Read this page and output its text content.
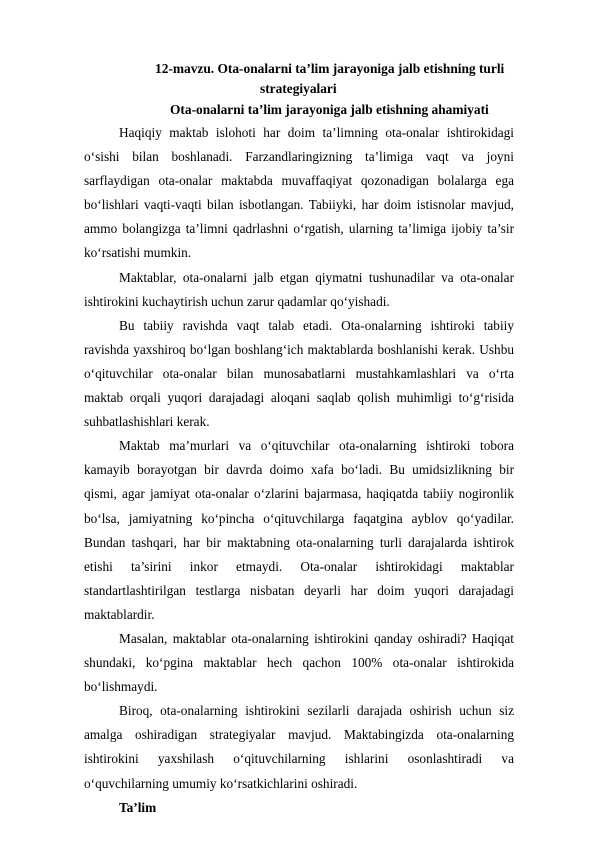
12-mavzu. Ota-onalarni ta’lim jarayoniga jalb etishning turli
strategiyalari
Ota-onalarni ta’lim jarayoniga jalb etishning ahamiyati

Haqiqiy maktab islohoti har doim ta’limning ota-onalar ishtirokidagi o‘sishi bilan boshlanadi. Farzandlaringizning ta’limiga vaqt va joyni sarflaydigan ota-onalar maktabda muvaffaqiyat qozonadigan bolalarga ega bo‘lishlari vaqti-vaqti bilan isbotlangan. Tabiiyki, har doim istisnolar mavjud, ammo bolangizga ta’limni qadrlashni o‘rgatish, ularning ta’limiga ijobiy ta’sir ko‘rsatishi mumkin.

Maktablar, ota-onalarni jalb etgan qiymatni tushunadilar va ota-onalar ishtirokini kuchaytirish uchun zarur qadamlar qo‘yishadi.

Bu tabiiy ravishda vaqt talab etadi. Ota-onalarning ishtiroki tabiiy ravishda yaxshiroq bo‘lgan boshlang‘ich maktablarda boshlanishi kerak. Ushbu o‘qituvchilar ota-onalar bilan munosabatlarni mustahkamlashlari va o‘rta maktab orqali yuqori darajadagi aloqani saqlab qolish muhimligi to‘g‘risida suhbatlashishlari kerak.

Maktab ma’murlari va o‘qituvchilar ota-onalarning ishtiroki tobora kamayib borayotgan bir davrda doimo xafa bo‘ladi. Bu umidsizlikning bir qismi, agar jamiyat ota-onalar o‘zlarini bajarmasa, haqiqatda tabiiy nogironlik bo‘lsa, jamiyatning ko‘pincha o‘qituvchilarga faqatgina ayblov qo‘yadilar. Bundan tashqari, har bir maktabning ota-onalarning turli darajalarda ishtirok etishi ta’sirini inkor etmaydi. Ota-onalar ishtirokidagi maktablar standartlashtirilgan testlarga nisbatan deyarli har doim yuqori darajadagi maktablardir.

Masalan, maktablar ota-onalarning ishtirokini qanday oshiradi? Haqiqat shundaki, ko‘pgina maktablar hech qachon 100% ota-onalar ishtirokida bo‘lishmaydi.

Biroq, ota-onalarning ishtirokini sezilarli darajada oshirish uchun siz amalga oshiradigan strategiyalar mavjud. Maktabingizda ota-onalarning ishtirokini yaxshilash o‘qituvchilarning ishlarini osonlashtiradi va o‘quvchilarning umumiy ko‘rsatkichlarini oshiradi.

Ta’lim
